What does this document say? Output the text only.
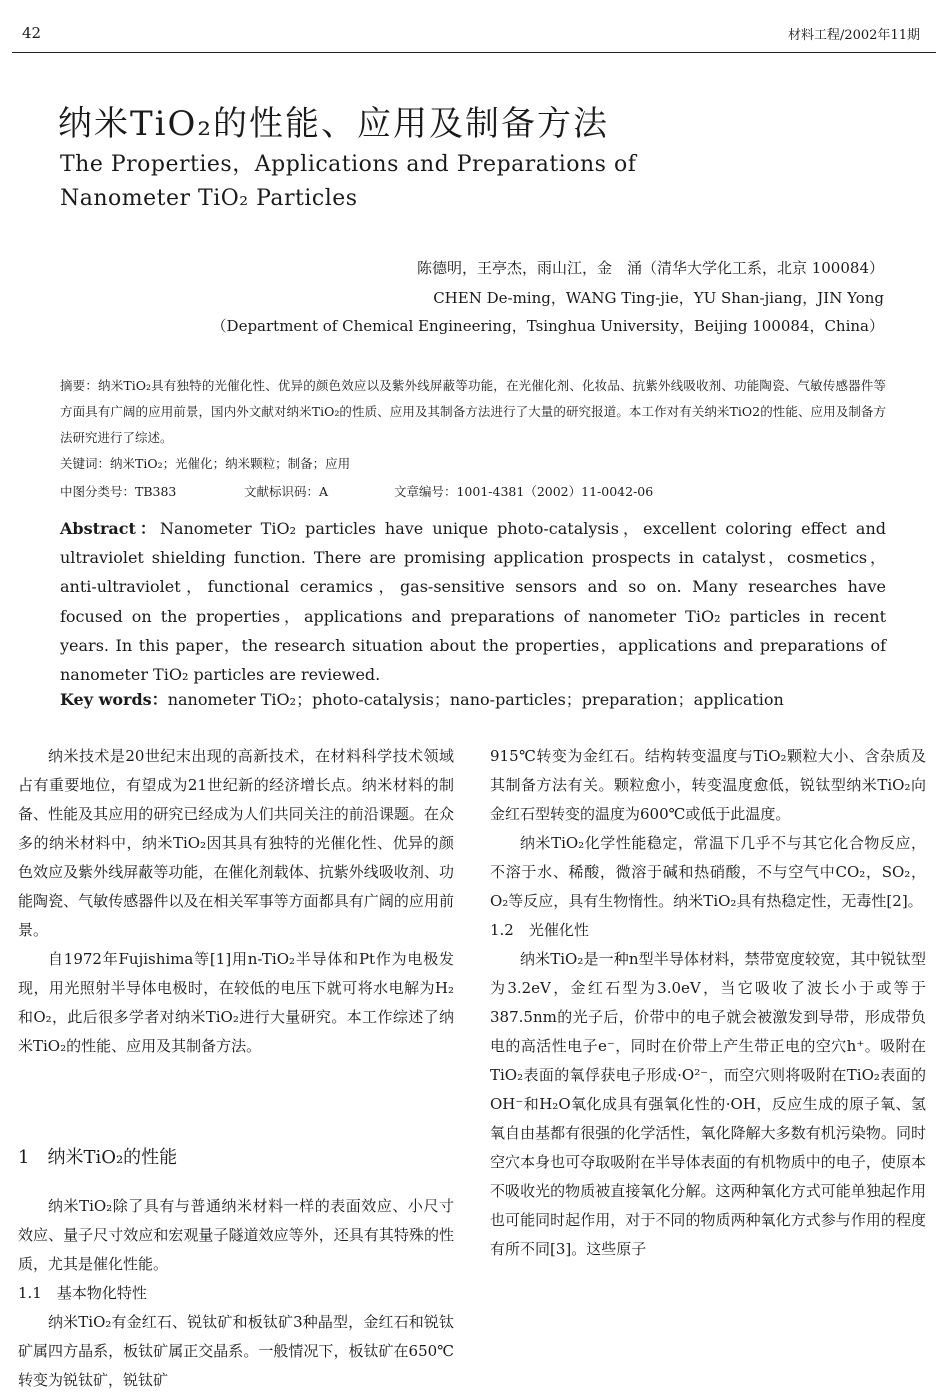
42	材料工程/2002年11期
纳米TiO₂的性能、应用及制备方法
The Properties，Applications and Preparations of
Nanometer TiO₂ Particles
陈德明，王亭杰，雨山江，金　涌（清华大学化工系，北京 100084）
CHEN De-ming，WANG Ting-jie，YU Shan-jiang，JIN Yong
（Department of Chemical Engineering，Tsinghua University，Beijing 100084，China）
摘要：纳米TiO₂具有独特的光催化性、优异的颜色效应以及紫外线屏蔽等功能，在光催化剂、化妆品、抗紫外线吸收剂、功能陶瓷、气敏传感器件等方面具有广阔的应用前景，国内外文献对纳米TiO₂的性质、应用及其制备方法进行了大量的研究报道。本工作对有关纳米TiO2的性能、应用及制备方法研究进行了综述。
关键词：纳米TiO₂；光催化；纳米颗粒；制备；应用
中图分类号：TB383	文献标识码：A	文章编号：1001-4381（2002）11-0042-06
Abstract：Nanometer TiO₂ particles have unique photo-catalysis，excellent coloring effect and ultraviolet shielding function. There are promising application prospects in catalyst，cosmetics，anti-ultraviolet，functional ceramics，gas-sensitive sensors and so on. Many researches have focused on the properties，applications and preparations of nanometer TiO₂ particles in recent years. In this paper，the research situation about the properties，applications and preparations of nanometer TiO₂ particles are reviewed.
Key words：nanometer TiO₂；photo-catalysis；nano-particles；preparation；application

纳米技术是20世纪末出现的高新技术，在材料科学技术领域占有重要地位，有望成为21世纪新的经济增长点。纳米材料的制备、性能及其应用的研究已经成为人们共同关注的前沿课题。在众多的纳米材料中，纳米TiO₂因其具有独特的光催化性、优异的颜色效应及紫外线屏蔽等功能，在催化剂载体、抗紫外线吸收剂、功能陶瓷、气敏传感器件以及在相关军事等方面都具有广阔的应用前景。

自1972年Fujishima等[1]用n-TiO₂半导体和Pt作为电极发现，用光照射半导体电极时，在较低的电压下就可将水电解为H₂和O₂，此后很多学者对纳米TiO₂进行大量研究。本工作综述了纳米TiO₂的性能、应用及其制备方法。

1　纳米TiO₂的性能

纳米TiO₂除了具有与普通纳米材料一样的表面效应、小尺寸效应、量子尺寸效应和宏观量子隧道效应等外，还具有其特殊的性质，尤其是催化性能。

1.1　基本物化特性

纳米TiO₂有金红石、锐钛矿和板钛矿3种晶型，金红石和锐钛矿属四方晶系，板钛矿属正交晶系。一般情况下，板钛矿在650℃转变为锐钛矿，锐钛矿

915℃转变为金红石。结构转变温度与TiO₂颗粒大小、含杂质及其制备方法有关。颗粒愈小，转变温度愈低，锐钛型纳米TiO₂向金红石型转变的温度为600℃或低于此温度。

纳米TiO₂化学性能稳定，常温下几乎不与其它化合物反应，不溶于水、稀酸，微溶于碱和热硝酸，不与空气中CO₂，SO₂，O₂等反应，具有生物惰性。纳米TiO₂具有热稳定性，无毒性[2]。

1.2　光催化性

纳米TiO₂是一种n型半导体材料，禁带宽度较宽，其中锐钛型为3.2eV，金红石型为3.0eV，当它吸收了波长小于或等于387.5nm的光子后，价带中的电子就会被激发到导带，形成带负电的高活性电子e⁻，同时在价带上产生带正电的空穴h⁺。吸附在TiO₂表面的氧俘获电子形成·O²⁻，而空穴则将吸附在TiO₂表面的OH⁻和H₂O氧化成具有强氧化性的·OH，反应生成的原子氧、氢氧自由基都有很强的化学活性，氧化降解大多数有机污染物。同时空穴本身也可夺取吸附在半导体表面的有机物质中的电子，使原本不吸收光的物质被直接氧化分解。这两种氧化方式可能单独起作用也可能同时起作用，对于不同的物质两种氧化方式参与作用的程度有所不同[3]。这些原子
